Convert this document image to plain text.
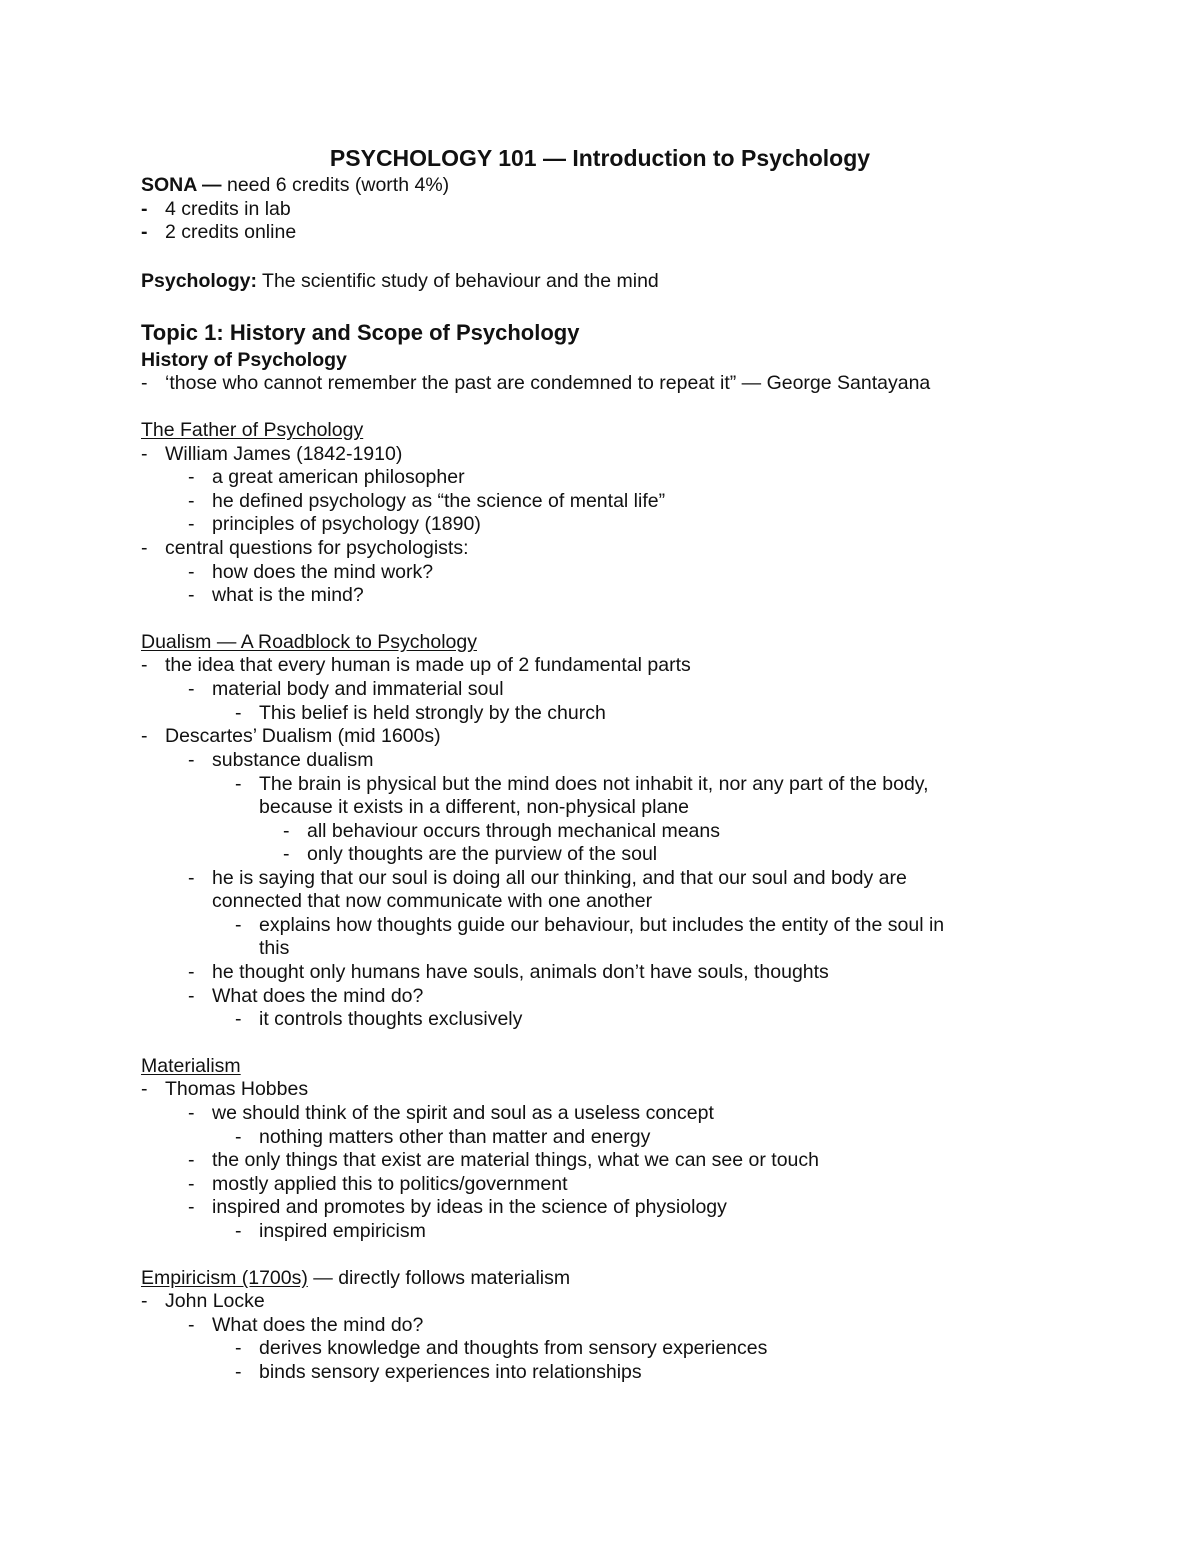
PSYCHOLOGY 101 — Introduction to Psychology
SONA — need 6 credits (worth 4%)
- 4 credits in lab
- 2 credits online
Psychology: The scientific study of behaviour and the mind
Topic 1: History and Scope of Psychology
History of Psychology
- ‘those who cannot remember the past are condemned to repeat it” — George Santayana
The Father of Psychology
- William James (1842-1910)
- a great american philosopher
- he defined psychology as “the science of mental life”
- principles of psychology (1890)
- central questions for psychologists:
- how does the mind work?
- what is the mind?
Dualism — A Roadblock to Psychology
- the idea that every human is made up of 2 fundamental parts
- material body and immaterial soul
- This belief is held strongly by the church
- Descartes’ Dualism (mid 1600s)
- substance dualism
- The brain is physical but the mind does not inhabit it, nor any part of the body,
because it exists in a different, non-physical plane
- all behaviour occurs through mechanical means
- only thoughts are the purview of the soul
- he is saying that our soul is doing all our thinking, and that our soul and body are
connected that now communicate with one another
- explains how thoughts guide our behaviour, but includes the entity of the soul in
this
- he thought only humans have souls, animals don’t have souls, thoughts
- What does the mind do?
- it controls thoughts exclusively
Materialism
- Thomas Hobbes
- we should think of the spirit and soul as a useless concept
- nothing matters other than matter and energy
- the only things that exist are material things, what we can see or touch
- mostly applied this to politics/government
- inspired and promotes by ideas in the science of physiology
- inspired empiricism
Empiricism (1700s) — directly follows materialism
- John Locke
- What does the mind do?
- derives knowledge and thoughts from sensory experiences
- binds sensory experiences into relationships
